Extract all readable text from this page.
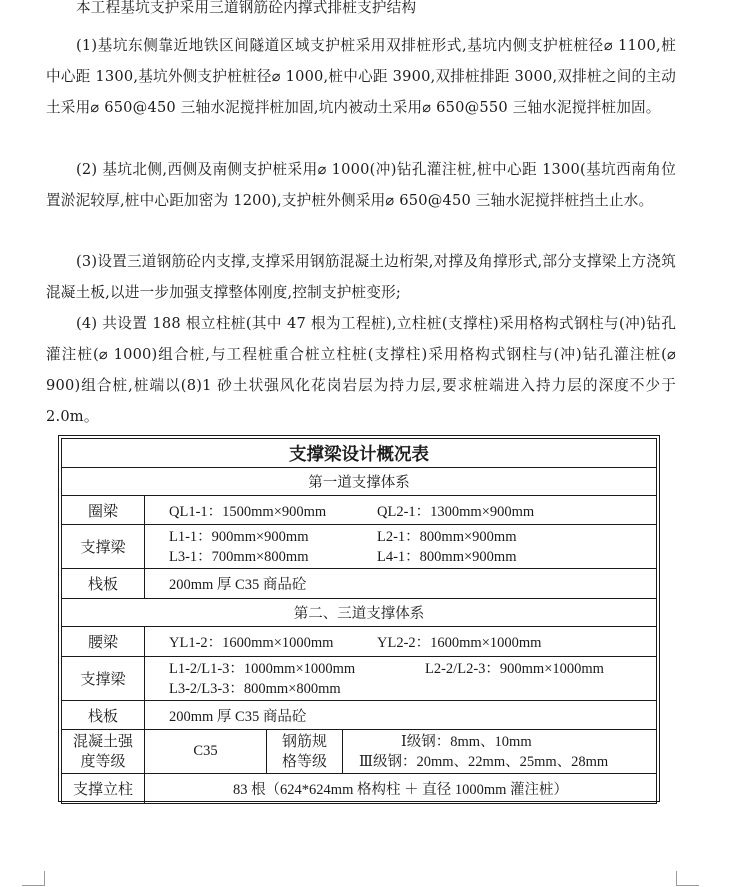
本工程基坑支护采用三道钢筋砼内撑式排桩支护结构
(1)基坑东侧靠近地铁区间隧道区域支护桩采用双排桩形式,基坑内侧支护桩桩径⌀ 1100,桩中心距 1300,基坑外侧支护桩桩径⌀ 1000,桩中心距 3900,双排桩排距 3000,双排桩之间的主动土采用⌀ 650@450 三轴水泥搅拌桩加固,坑内被动土采用⌀ 650@550 三轴水泥搅拌桩加固。
(2) 基坑北侧,西侧及南侧支护桩采用⌀ 1000(冲)钻孔灌注桩,桩中心距 1300(基坑西南角位置淤泥较厚,桩中心距加密为 1200),支护桩外侧采用⌀ 650@450 三轴水泥搅拌桩挡土止水。
(3)设置三道钢筋砼内支撑,支撑采用钢筋混凝土边桁架,对撑及角撑形式,部分支撑梁上方浇筑混凝土板,以进一步加强支撑整体刚度,控制支护桩变形;
(4) 共设置 188 根立柱桩(其中 47 根为工程桩),立柱桩(支撑柱)采用格构式钢柱与(冲)钻孔灌注桩(⌀ 1000)组合桩,与工程桩重合桩立柱桩(支撑柱)采用格构式钢柱与(冲)钻孔灌注桩(⌀ 900)组合桩,桩端以(8)1 砂土状强风化花岗岩层为持力层,要求桩端进入持力层的深度不少于 2.0m。
支撑梁设计概况表			
第一道支撑体系			
圈梁	QL1-1：1500mm×900mm QL2-1：1300mm×900mm		

支撑梁	L1-1：900mm×900mm L2-1：800mm×900mm
L3-1：700mm×800mm L4-1：800mm×900mm		

栈板	200mm 厚 C35 商品砼		
第二、三道支撑体系			
腰梁	YL1-2：1600mm×1000mm YL2-2：1600mm×1000mm		

支撑梁	L1-2/L1-3：1000mm×1000mm L2-2/L2-3：900mm×1000mm
L3-2/L3-3：800mm×800mm		

栈板	200mm 厚 C35 商品砼		
混凝土强度等级	C35	钢筋规格等级	Ⅰ级钢：8mm、10mm
Ⅲ级钢：20mm、22mm、25mm、28mm

支撑立柱	83 根（624*624mm 格构柱 ＋ 直径 1000mm 灌注桩）		
